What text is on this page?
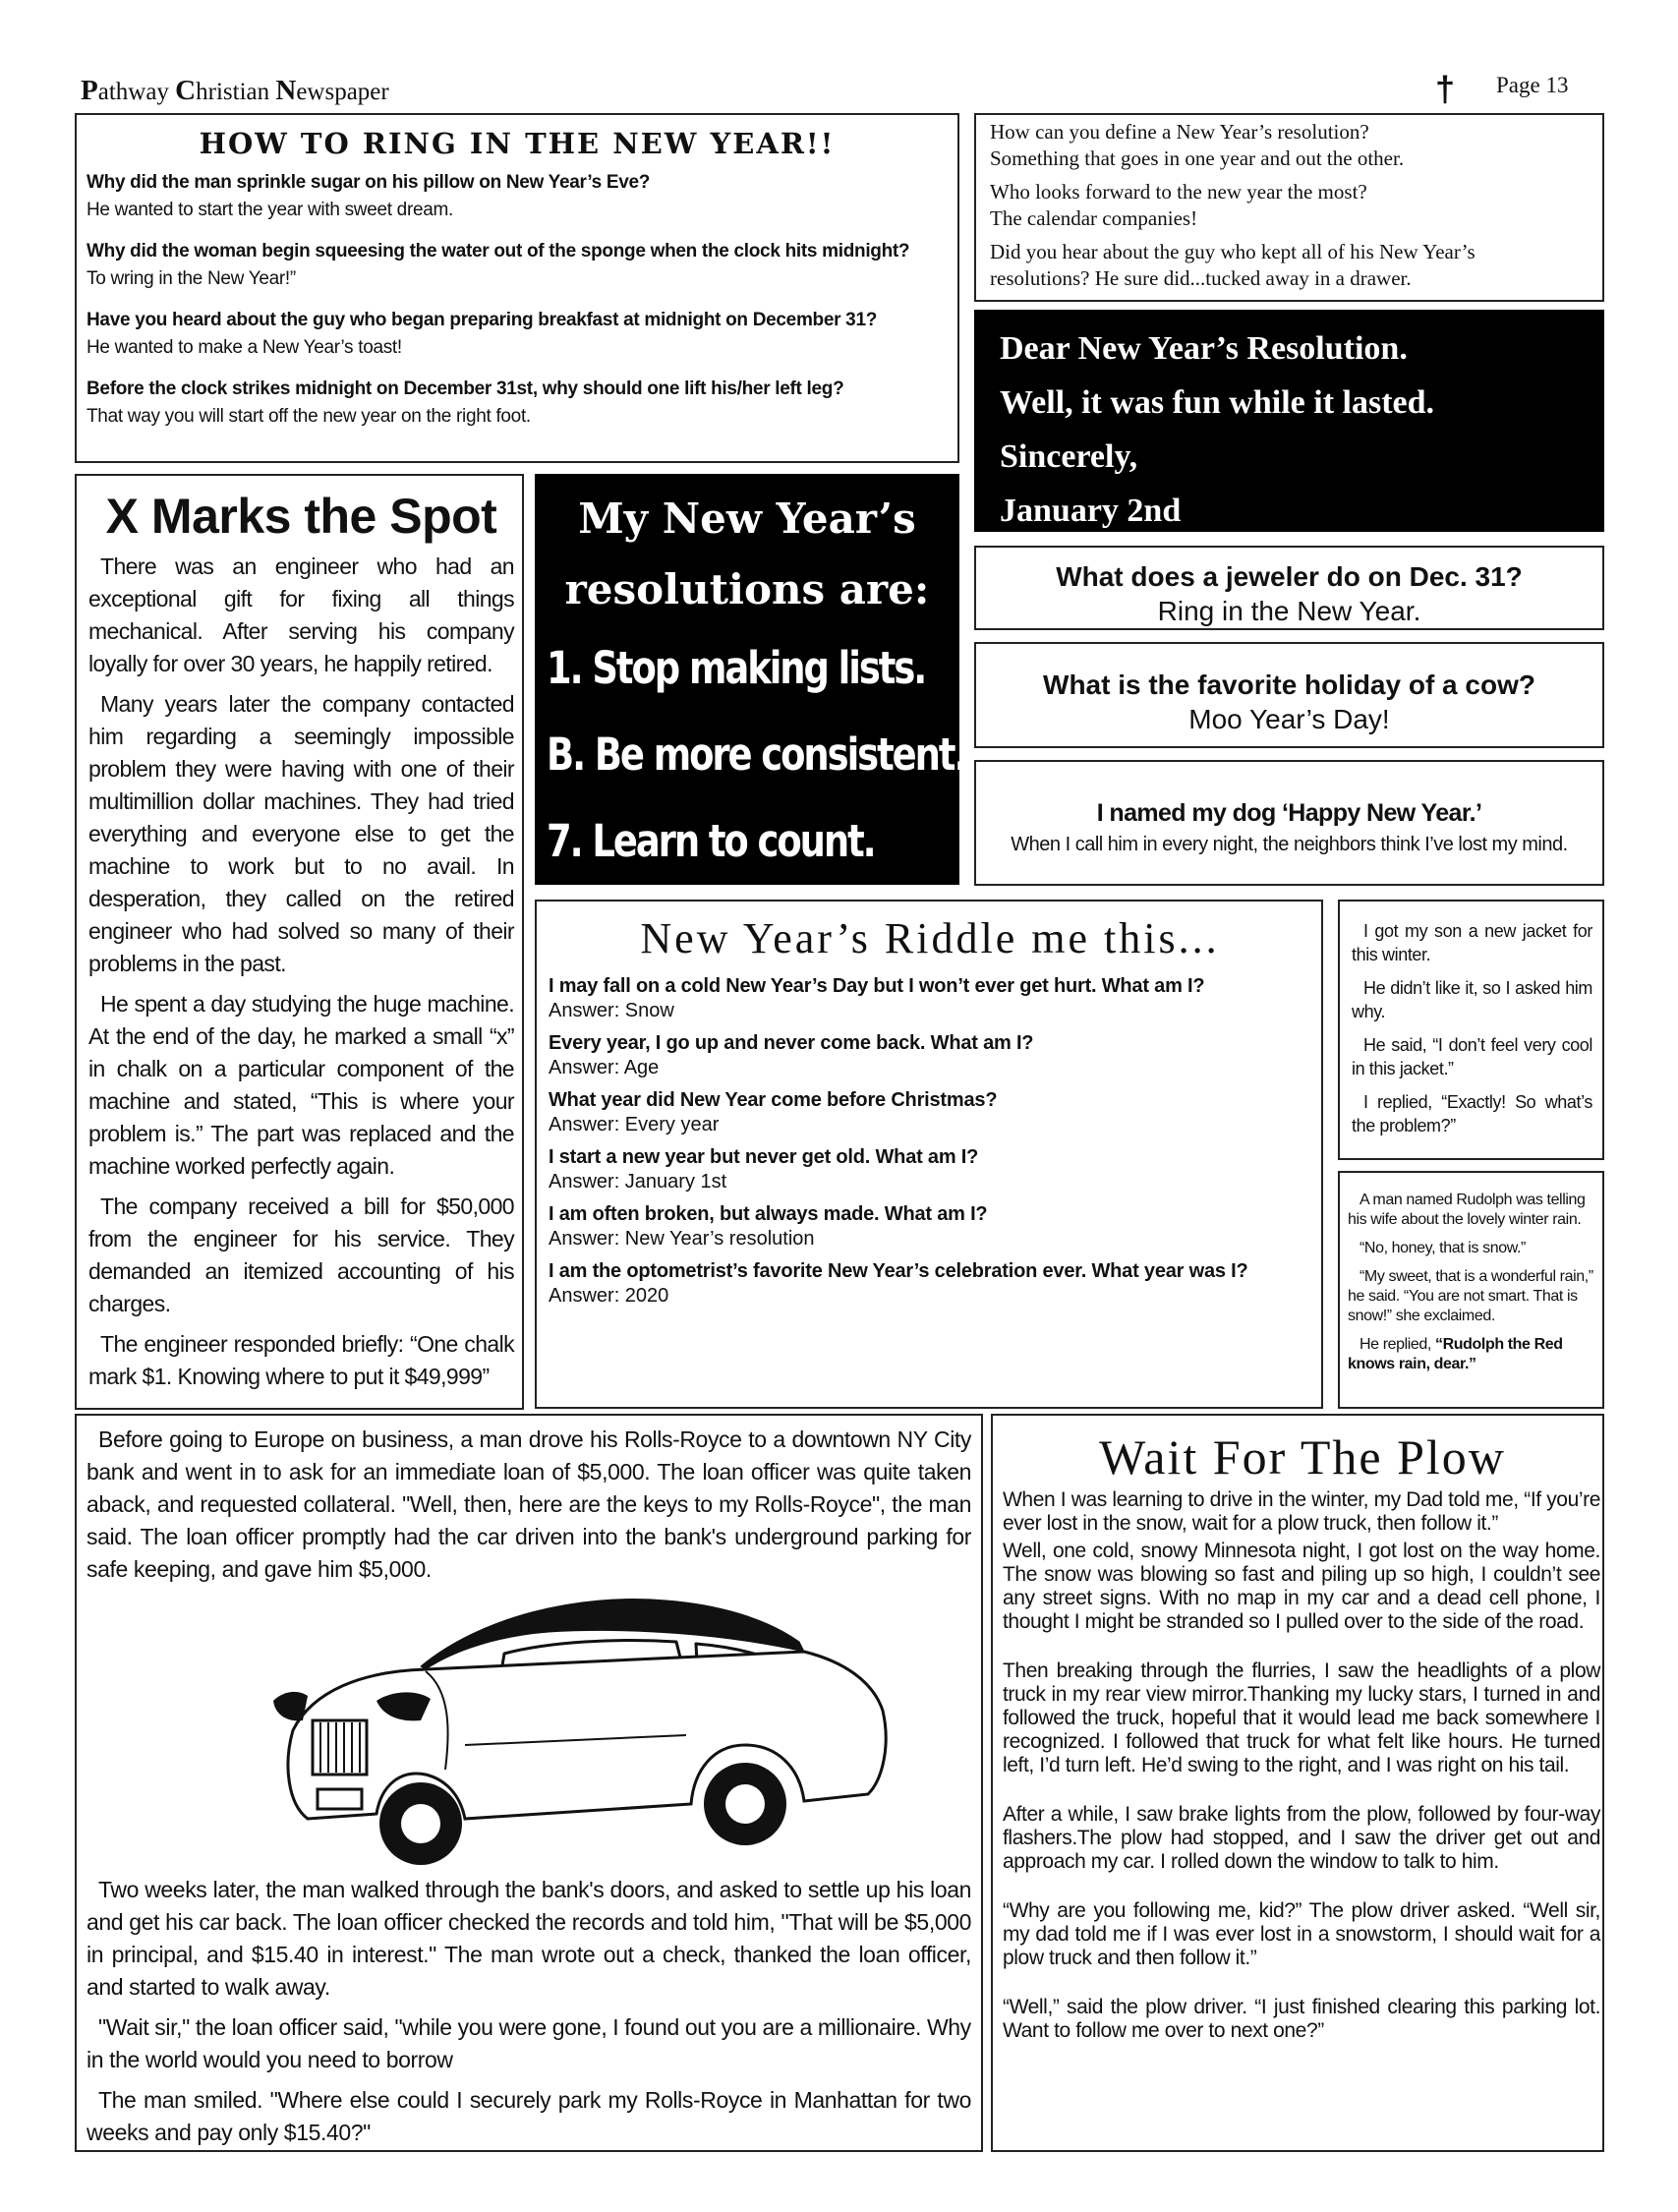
Pathway Christian Newspaper	† Page 13
HOW TO RING IN THE NEW YEAR!!

Why did the man sprinkle sugar on his pillow on New Year’s Eve?

He wanted to start the year with sweet dream.

Why did the woman begin squeesing the water out of the sponge when the clock hits midnight?

To wring in the New Year!”

Have you heard about the guy who began preparing breakfast at midnight on December 31?

He wanted to make a New Year’s toast!

Before the clock strikes midnight on December 31st, why should one lift his/her left leg?

That way you will start off the new year on the right foot.

How can you define a New Year’s resolution?
Something that goes in one year and out the other.

Who looks forward to the new year the most?
The calendar companies!

Did you hear about the guy who kept all of his New Year’s
resolutions? He sure did...tucked away in a drawer.

Dear New Year’s Resolution.

Well, it was fun while it lasted.

Sincerely,

January 2nd

What does a jeweler do on Dec. 31?

Ring in the New Year.

What is the favorite holiday of a cow?

Moo Year’s Day!

I named my dog ‘Happy New Year.’

When I call him in every night, the neighbors think I’ve lost my mind.

X Marks the Spot

There was an engineer who had an exceptional gift for fixing all things mechanical. After serving his company loyally for over 30 years, he happily retired.

Many years later the company contacted him regarding a seemingly impossible problem they were having with one of their multimillion dollar machines. They had tried everything and everyone else to get the machine to work but to no avail. In desperation, they called on the retired engineer who had solved so many of their problems in the past.

He spent a day studying the huge machine. At the end of the day, he marked a small “x” in chalk on a particular component of the machine and stated, “This is where your problem is.” The part was replaced and the machine worked perfectly again.

The company received a bill for $50,000 from the engineer for his service. They demanded an itemized accounting of his charges.

The engineer responded briefly: “One chalk mark $1. Knowing where to put it $49,999”

My New Year’s

resolutions are:

1. Stop making lists.

B. Be more consistent.

7. Learn to count.

New Year’s Riddle me this...

I may fall on a cold New Year’s Day but I won’t ever get hurt. What am I?

Answer: Snow

Every year, I go up and never come back. What am I?

Answer: Age

What year did New Year come before Christmas?

Answer: Every year

I start a new year but never get old. What am I?

Answer: January 1st

I am often broken, but always made. What am I?

Answer: New Year’s resolution

I am the optometrist’s favorite New Year’s celebration ever. What year was I?

Answer: 2020

I got my son a new jacket for this winter.

He didn’t like it, so I asked him why.

He said, “I don’t feel very cool in this jacket.”

I replied, “Exactly! So what’s the problem?”

A man named Rudolph was telling his wife about the lovely winter rain.

“No, honey, that is snow.”

“My sweet, that is a wonderful rain,” he said. “You are not smart. That is snow!” she exclaimed.

He replied, “Rudolph the Red knows rain, dear.”

Before going to Europe on business, a man drove his Rolls-Royce to a downtown NY City bank and went in to ask for an immediate loan of $5,000. The loan officer was quite taken aback, and requested collateral. "Well, then, here are the keys to my Rolls-Royce", the man said. The loan officer promptly had the car driven into the bank's underground parking for safe keeping, and gave him $5,000.

Two weeks later, the man walked through the bank's doors, and asked to settle up his loan and get his car back. The loan officer checked the records and told him, "That will be $5,000 in principal, and $15.40 in interest." The man wrote out a check, thanked the loan officer, and started to walk away.

"Wait sir," the loan officer said, "while you were gone, I found out you are a millionaire. Why in the world would you need to borrow

The man smiled. "Where else could I securely park my Rolls-Royce in Manhattan for two weeks and pay only $15.40?"

Wait For The Plow

When I was learning to drive in the winter, my Dad told me, “If you’re ever lost in the snow, wait for a plow truck, then follow it.”

Well, one cold, snowy Minnesota night, I got lost on the way home. The snow was blowing so fast and piling up so high, I couldn’t see any street signs. With no map in my car and a dead cell phone, I thought I might be stranded so I pulled over to the side of the road.

Then breaking through the flurries, I saw the headlights of a plow truck in my rear view mirror.Thanking my lucky stars, I turned in and followed the truck, hopeful that it would lead me back somewhere I recognized. I followed that truck for what felt like hours. He turned left, I’d turn left. He’d swing to the right, and I was right on his tail.

After a while, I saw brake lights from the plow, followed by four-way flashers.The plow had stopped, and I saw the driver get out and approach my car. I rolled down the window to talk to him.

“Why are you following me, kid?” The plow driver asked. “Well sir, my dad told me if I was ever lost in a snowstorm, I should wait for a plow truck and then follow it.”

“Well,” said the plow driver. “I just finished clearing this parking lot. Want to follow me over to next one?”
